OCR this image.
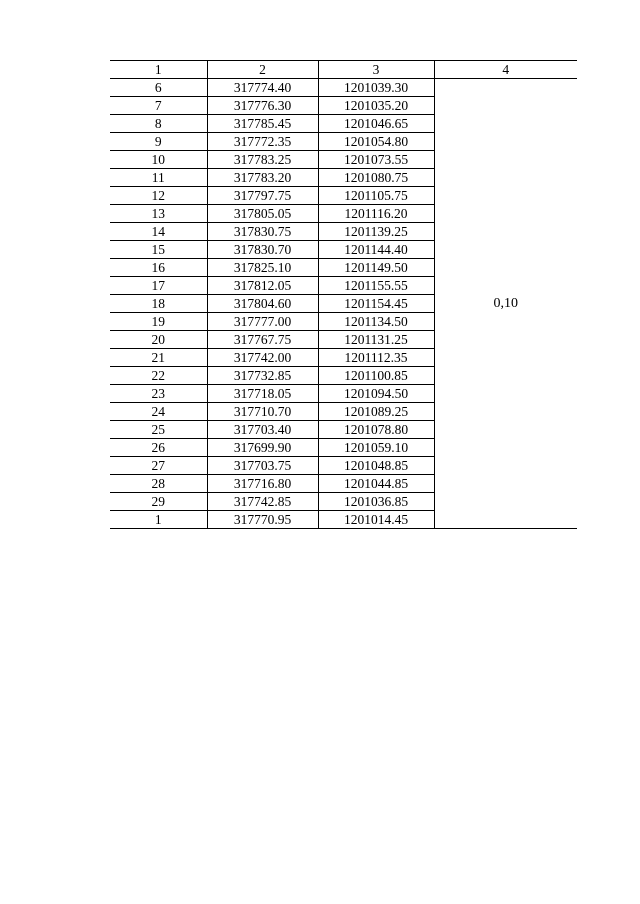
1	2	3	4
6	317774.40	1201039.30	0,10
7	317776.30	1201035.20	
8	317785.45	1201046.65	
9	317772.35	1201054.80	
10	317783.25	1201073.55	
11	317783.20	1201080.75	
12	317797.75	1201105.75	
13	317805.05	1201116.20	
14	317830.75	1201139.25	
15	317830.70	1201144.40	
16	317825.10	1201149.50	
17	317812.05	1201155.55	
18	317804.60	1201154.45	
19	317777.00	1201134.50	
20	317767.75	1201131.25	
21	317742.00	1201112.35	
22	317732.85	1201100.85	
23	317718.05	1201094.50	
24	317710.70	1201089.25	
25	317703.40	1201078.80	
26	317699.90	1201059.10	
27	317703.75	1201048.85	
28	317716.80	1201044.85	
29	317742.85	1201036.85	
1	317770.95	1201014.45	
